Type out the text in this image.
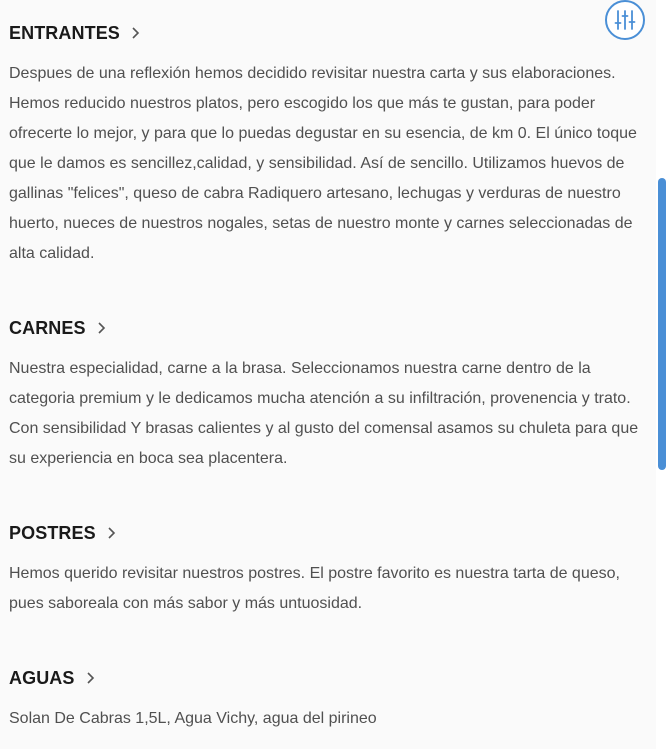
ENTRANTES

Despues de una reflexión hemos decidido revisitar nuestra carta y sus elaboraciones. Hemos reducido nuestros platos, pero escogido los que más te gustan, para poder ofrecerte lo mejor, y para que lo puedas degustar en su esencia, de km 0. El único toque que le damos es sencillez,calidad, y sensibilidad. Así de sencillo. Utilizamos huevos de gallinas "felices", queso de cabra Radiquero artesano, lechugas y verduras de nuestro huerto, nueces de nuestros nogales, setas de nuestro monte y carnes seleccionadas de alta calidad.

CARNES

Nuestra especialidad, carne a la brasa. Seleccionamos nuestra carne dentro de la categoria premium y le dedicamos mucha atención a su infiltración, provenencia y trato. Con sensibilidad Y brasas calientes y al gusto del comensal asamos su chuleta para que su experiencia en boca sea placentera.

POSTRES

Hemos querido revisitar nuestros postres. El postre favorito es nuestra tarta de queso, pues saboreala con más sabor y más untuosidad.

AGUAS

Solan De Cabras 1,5L, Agua Vichy, agua del pirineo
